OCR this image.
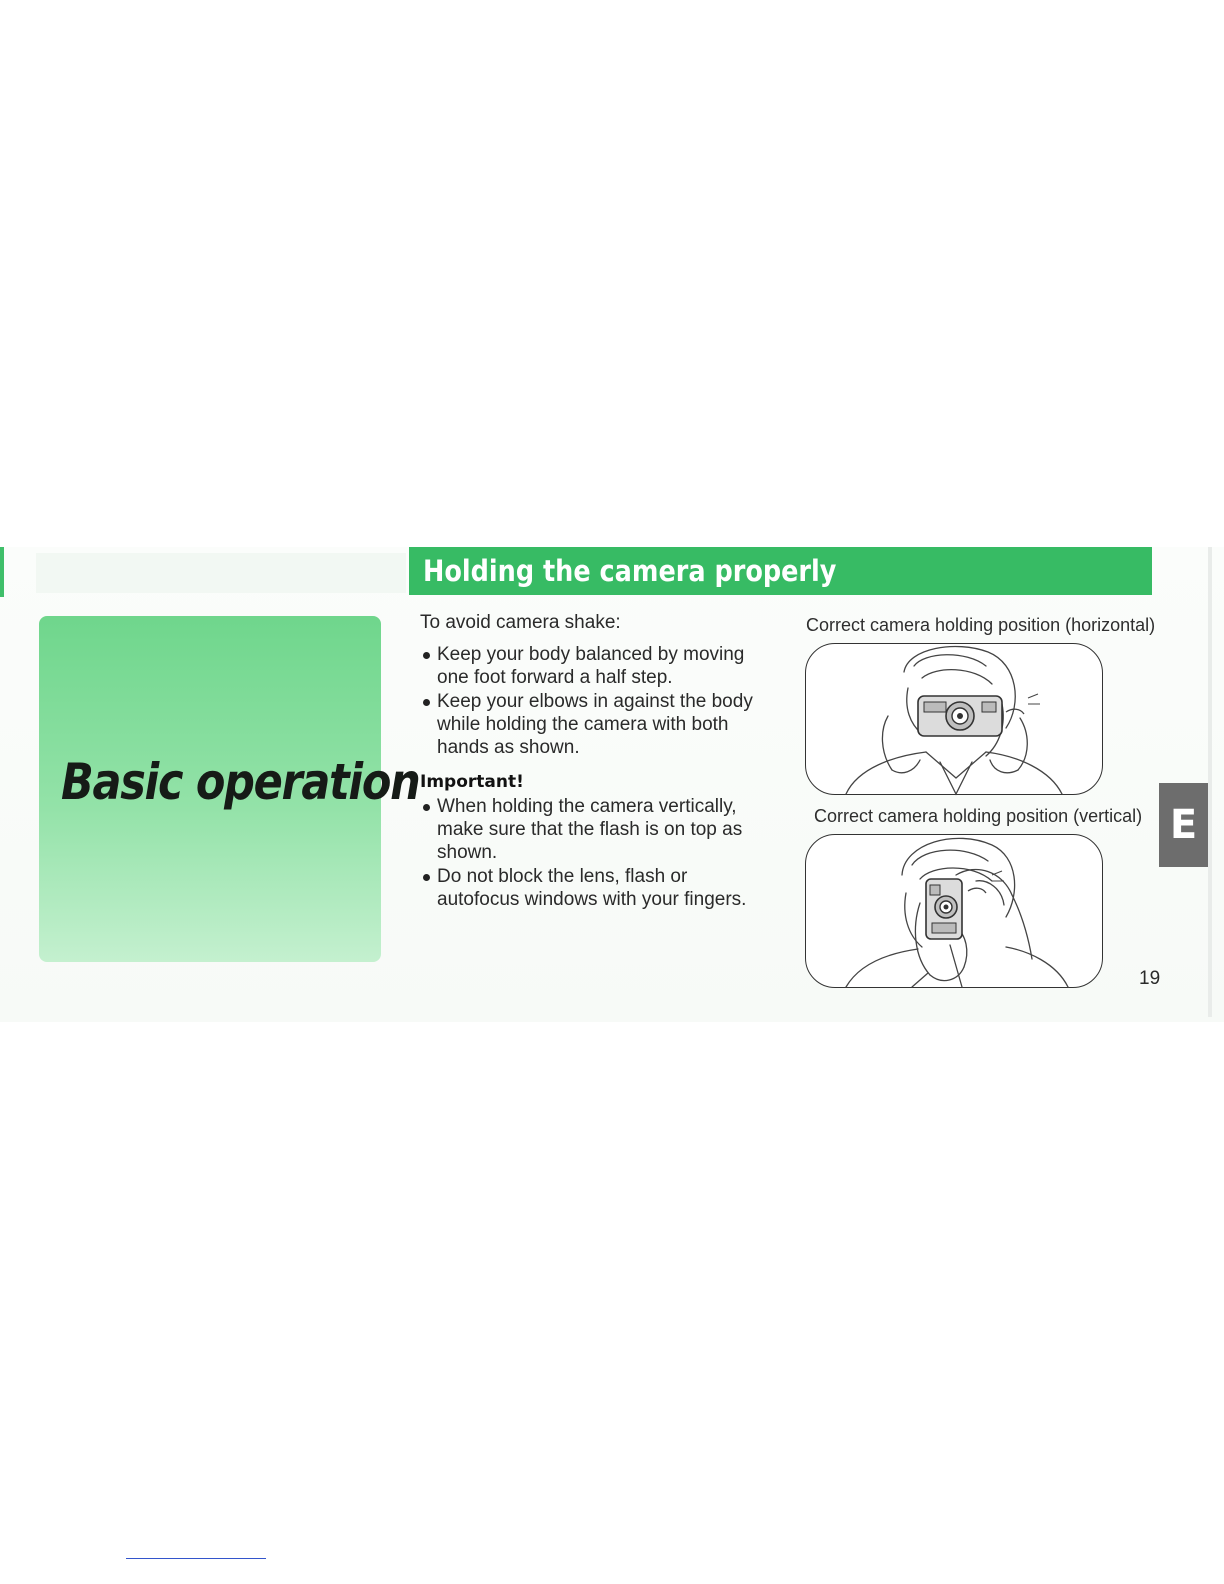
Basic operation
Holding the camera properly

To avoid camera shake:

Keep your body balanced by moving one foot forward a half step.
Keep your elbows in against the body while holding the camera with both hands as shown.
Important!
When holding the camera vertically, make sure that the flash is on top as shown.
Do not block the lens, flash or autofocus windows with your fingers.
Correct camera holding position (horizontal)
Correct camera holding position (vertical) E
19
